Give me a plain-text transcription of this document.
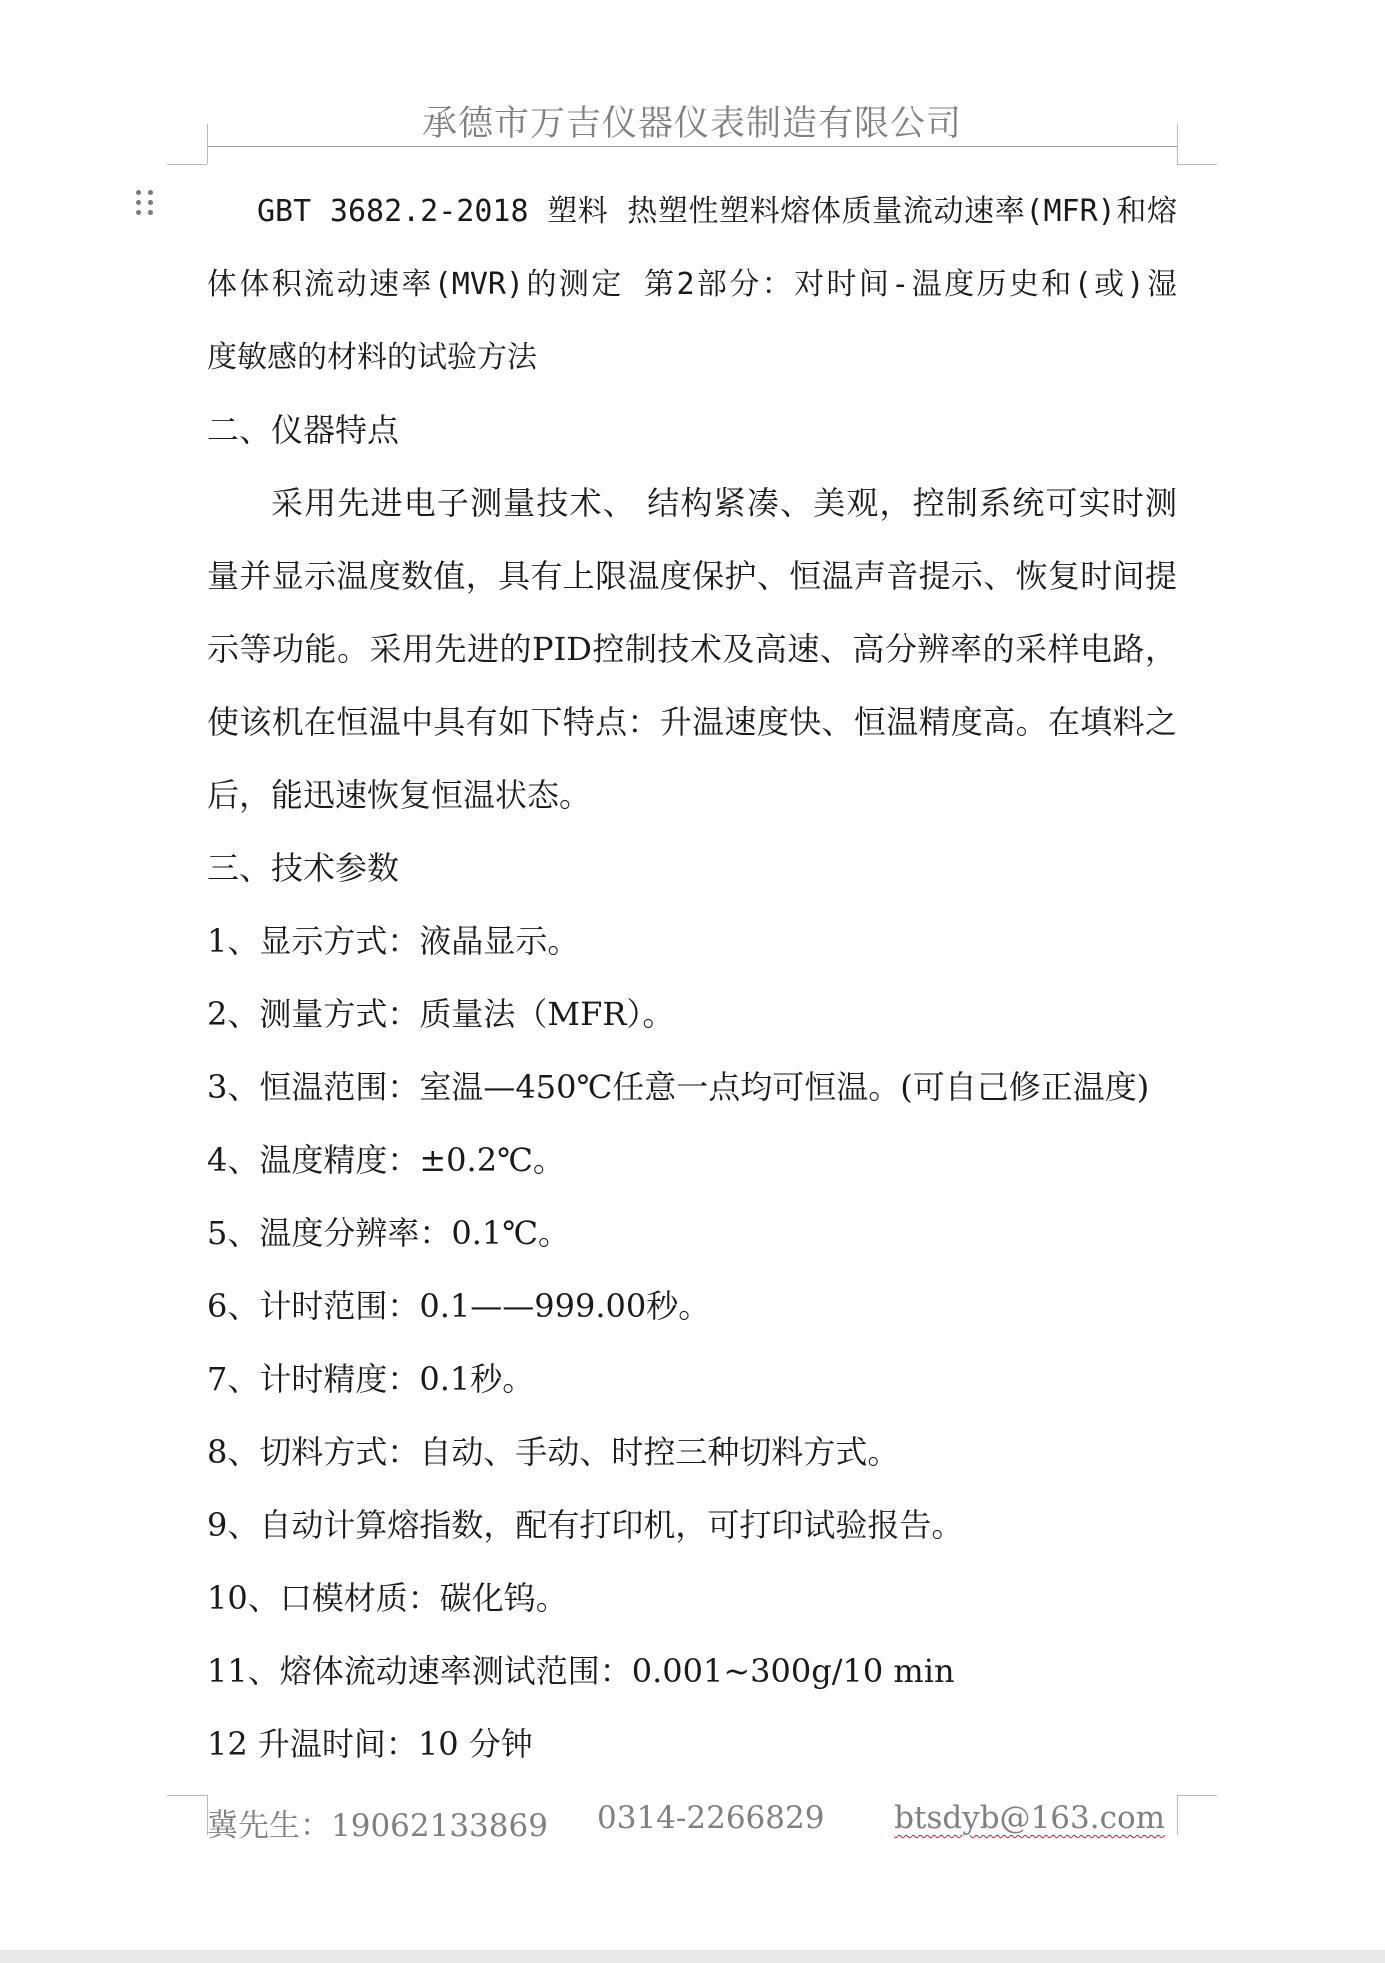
承德市万吉仪器仪表制造有限公司
GBT 3682.2-2018 塑料 热塑性塑料熔体质量流动速率(MFR)和熔
体体积流动速率(MVR)的测定 第2部分：对时间-温度历史和(或)湿
度敏感的材料的试验方法
二、仪器特点
采用先进电子测量技术、 结构紧凑、美观，控制系统可实时测
量并显示温度数值，具有上限温度保护、恒温声音提示、恢复时间提
示等功能。采用先进的PID控制技术及高速、高分辨率的采样电路，
使该机在恒温中具有如下特点：升温速度快、恒温精度高。在填料之
后，能迅速恢复恒温状态。
三、技术参数
1、显示方式：液晶显示。
2、测量方式：质量法（MFR）。
3、恒温范围：室温—450℃任意一点均可恒温。(可自己修正温度)
4、温度精度：±0.2℃。
5、温度分辨率：0.1℃。
6、计时范围：0.1——999.00秒。
7、计时精度：0.1秒。
8、切料方式：自动、手动、时控三种切料方式。
9、自动计算熔指数，配有打印机，可打印试验报告。
10、口模材质：碳化钨。
11、熔体流动速率测试范围：0.001~300g/10 min
12 升温时间：10 分钟
冀先生：19062133869 0314-2266829 btsdyb@163.com
